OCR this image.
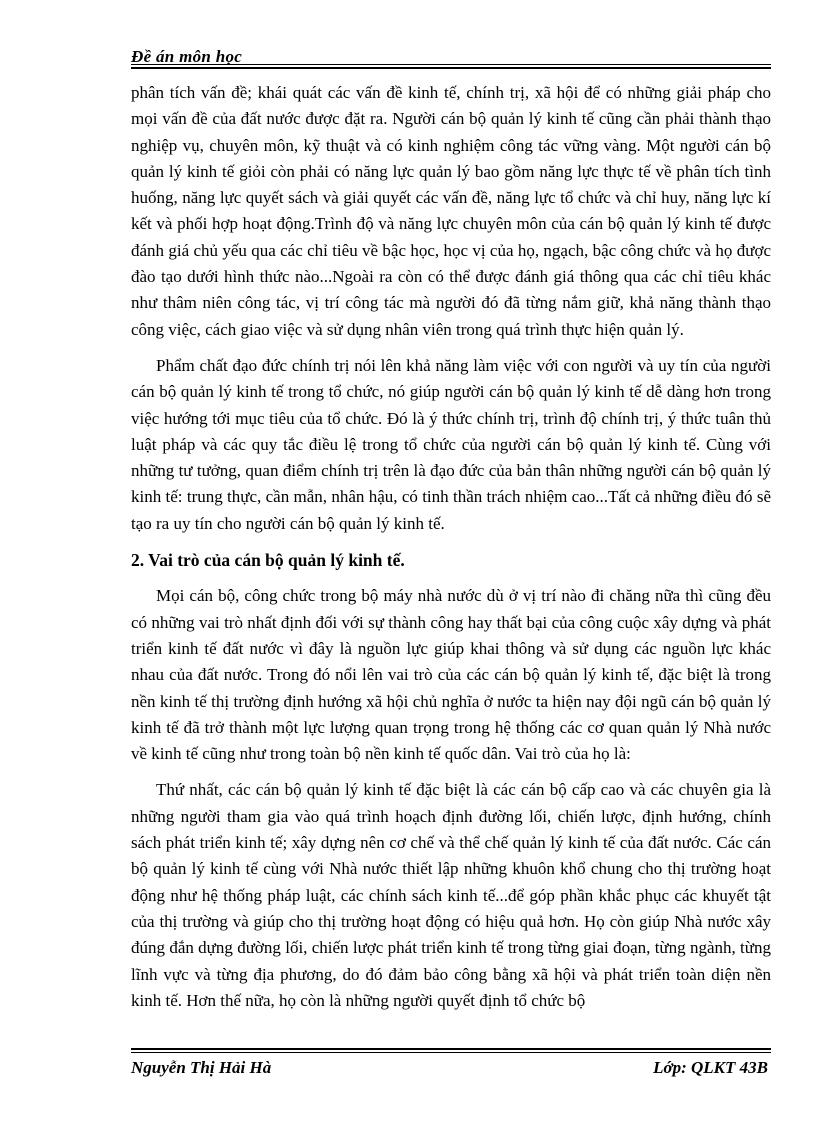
Đề án môn học

phân tích vấn đề; khái quát các vấn đề kinh tế, chính trị, xã hội để có những giải pháp cho mọi vấn đề của đất nước được đặt ra. Người cán bộ quản lý kinh tế cũng cần phải thành thạo nghiệp vụ, chuyên môn, kỹ thuật và có kinh nghiệm công tác vững vàng. Một người cán bộ quản lý kinh tế giỏi còn phải có năng lực quản lý bao gồm năng lực thực tế về phân tích tình huống, năng lực quyết sách và giải quyết các vấn đề, năng lực tổ chức và chỉ huy, năng lực kí kết và phối hợp hoạt động.Trình độ và năng lực chuyên môn của cán bộ quản lý kinh tế được đánh giá chủ yếu qua các chỉ tiêu về bậc học, học vị của họ, ngạch, bậc công chức và họ được đào tạo dưới hình thức nào...Ngoài ra còn có thể được đánh giá thông qua các chỉ tiêu khác như thâm niên công tác, vị trí công tác mà người đó đã từng nắm giữ, khả năng thành thạo công việc, cách giao việc và sử dụng nhân viên trong quá trình thực hiện quản lý.

Phẩm chất đạo đức chính trị nói lên khả năng làm việc với con người và uy tín của người cán bộ quản lý kinh tế trong tổ chức, nó giúp người cán bộ quản lý kinh tế dễ dàng hơn trong việc hướng tới mục tiêu của tổ chức. Đó là ý thức chính trị, trình độ chính trị, ý thức tuân thủ luật pháp và các quy tắc điều lệ trong tổ chức của người cán bộ quản lý kinh tế. Cùng với những tư tưởng, quan điểm chính trị trên là đạo đức của bản thân những người cán bộ quản lý kinh tế: trung thực, cần mẫn, nhân hậu, có tinh thần trách nhiệm cao...Tất cả những điều đó sẽ tạo ra uy tín cho người cán bộ quản lý kinh tế.

2. Vai trò của cán bộ quản lý kinh tế.

Mọi cán bộ, công chức trong bộ máy nhà nước dù ở vị trí nào đi chăng nữa thì cũng đều có những vai trò nhất định đối với sự thành công hay thất bại của công cuộc xây dựng và phát triển kinh tế đất nước vì đây là nguồn lực giúp khai thông và sử dụng các nguồn lực khác nhau của đất nước. Trong đó nổi lên vai trò của các cán bộ quản lý kinh tế, đặc biệt là trong nền kinh tế thị trường định hướng xã hội chủ nghĩa ở nước ta hiện nay đội ngũ cán bộ quản lý kinh tế đã trở thành một lực lượng quan trọng trong hệ thống các cơ quan quản lý Nhà nước về kinh tế cũng như trong toàn bộ nền kinh tế quốc dân. Vai trò của họ là:

Thứ nhất, các cán bộ quản lý kinh tế đặc biệt là các cán bộ cấp cao và các chuyên gia là những người tham gia vào quá trình hoạch định đường lối, chiến lược, định hướng, chính sách phát triển kinh tế; xây dựng nên cơ chế và thể chế quản lý kinh tế của đất nước. Các cán bộ quản lý kinh tế cùng với Nhà nước thiết lập những khuôn khổ chung cho thị trường hoạt động như hệ thống pháp luật, các chính sách kinh tế...để góp phần khắc phục các khuyết tật của thị trường và giúp cho thị trường hoạt động có hiệu quả hơn. Họ còn giúp Nhà nước xây đúng đắn dựng đường lối, chiến lược phát triển kinh tế trong từng giai đoạn, từng ngành, từng lĩnh vực và từng địa phương, do đó đảm bảo công bằng xã hội và phát triển toàn diện nền kinh tế. Hơn thế nữa, họ còn là những người quyết định tổ chức bộ

Nguyễn Thị Hải Hà	Lớp: QLKT 43B
